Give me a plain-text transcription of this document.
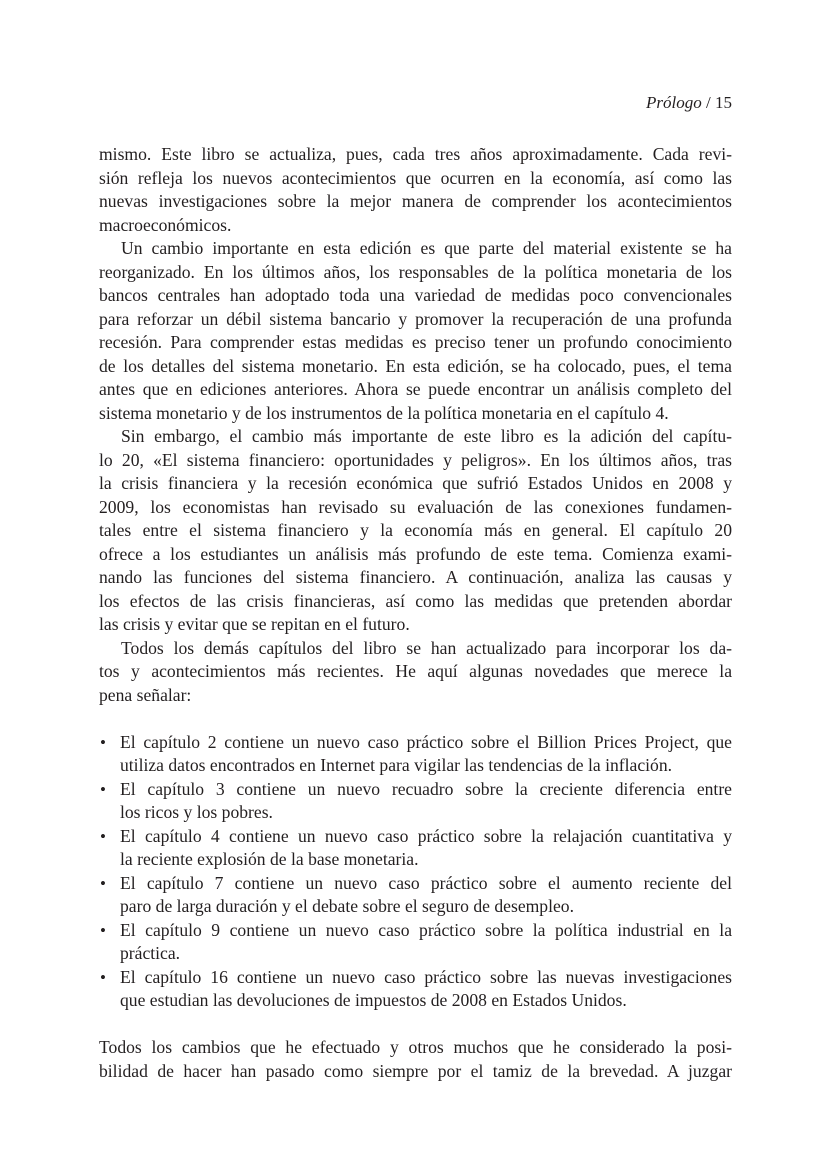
Prólogo / 15

mismo. Este libro se actualiza, pues, cada tres años aproximadamente. Cada revi-
sión refleja los nuevos acontecimientos que ocurren en la economía, así como las
nuevas investigaciones sobre la mejor manera de comprender los acontecimientos
macroeconómicos.

Un cambio importante en esta edición es que parte del material existente se ha
reorganizado. En los últimos años, los responsables de la política monetaria de los
bancos centrales han adoptado toda una variedad de medidas poco convencionales
para reforzar un débil sistema bancario y promover la recuperación de una profunda
recesión. Para comprender estas medidas es preciso tener un profundo conocimiento
de los detalles del sistema monetario. En esta edición, se ha colocado, pues, el tema
antes que en ediciones anteriores. Ahora se puede encontrar un análisis completo del
sistema monetario y de los instrumentos de la política monetaria en el capítulo 4.

Sin embargo, el cambio más importante de este libro es la adición del capítu-
lo 20, «El sistema financiero: oportunidades y peligros». En los últimos años, tras
la crisis financiera y la recesión económica que sufrió Estados Unidos en 2008 y
2009, los economistas han revisado su evaluación de las conexiones fundamen-
tales entre el sistema financiero y la economía más en general. El capítulo 20
ofrece a los estudiantes un análisis más profundo de este tema. Comienza exami-
nando las funciones del sistema financiero. A continuación, analiza las causas y
los efectos de las crisis financieras, así como las medidas que pretenden abordar
las crisis y evitar que se repitan en el futuro.

Todos los demás capítulos del libro se han actualizado para incorporar los da-
tos y acontecimientos más recientes. He aquí algunas novedades que merece la
pena señalar:

• El capítulo 2 contiene un nuevo caso práctico sobre el Billion Prices Project, que
utiliza datos encontrados en Internet para vigilar las tendencias de la inflación.
• El capítulo 3 contiene un nuevo recuadro sobre la creciente diferencia entre
los ricos y los pobres.
• El capítulo 4 contiene un nuevo caso práctico sobre la relajación cuantitativa y
la reciente explosión de la base monetaria.
• El capítulo 7 contiene un nuevo caso práctico sobre el aumento reciente del
paro de larga duración y el debate sobre el seguro de desempleo.
• El capítulo 9 contiene un nuevo caso práctico sobre la política industrial en la
práctica.
• El capítulo 16 contiene un nuevo caso práctico sobre las nuevas investigaciones
que estudian las devoluciones de impuestos de 2008 en Estados Unidos.

Todos los cambios que he efectuado y otros muchos que he considerado la posi-
bilidad de hacer han pasado como siempre por el tamiz de la brevedad. A juzgar
